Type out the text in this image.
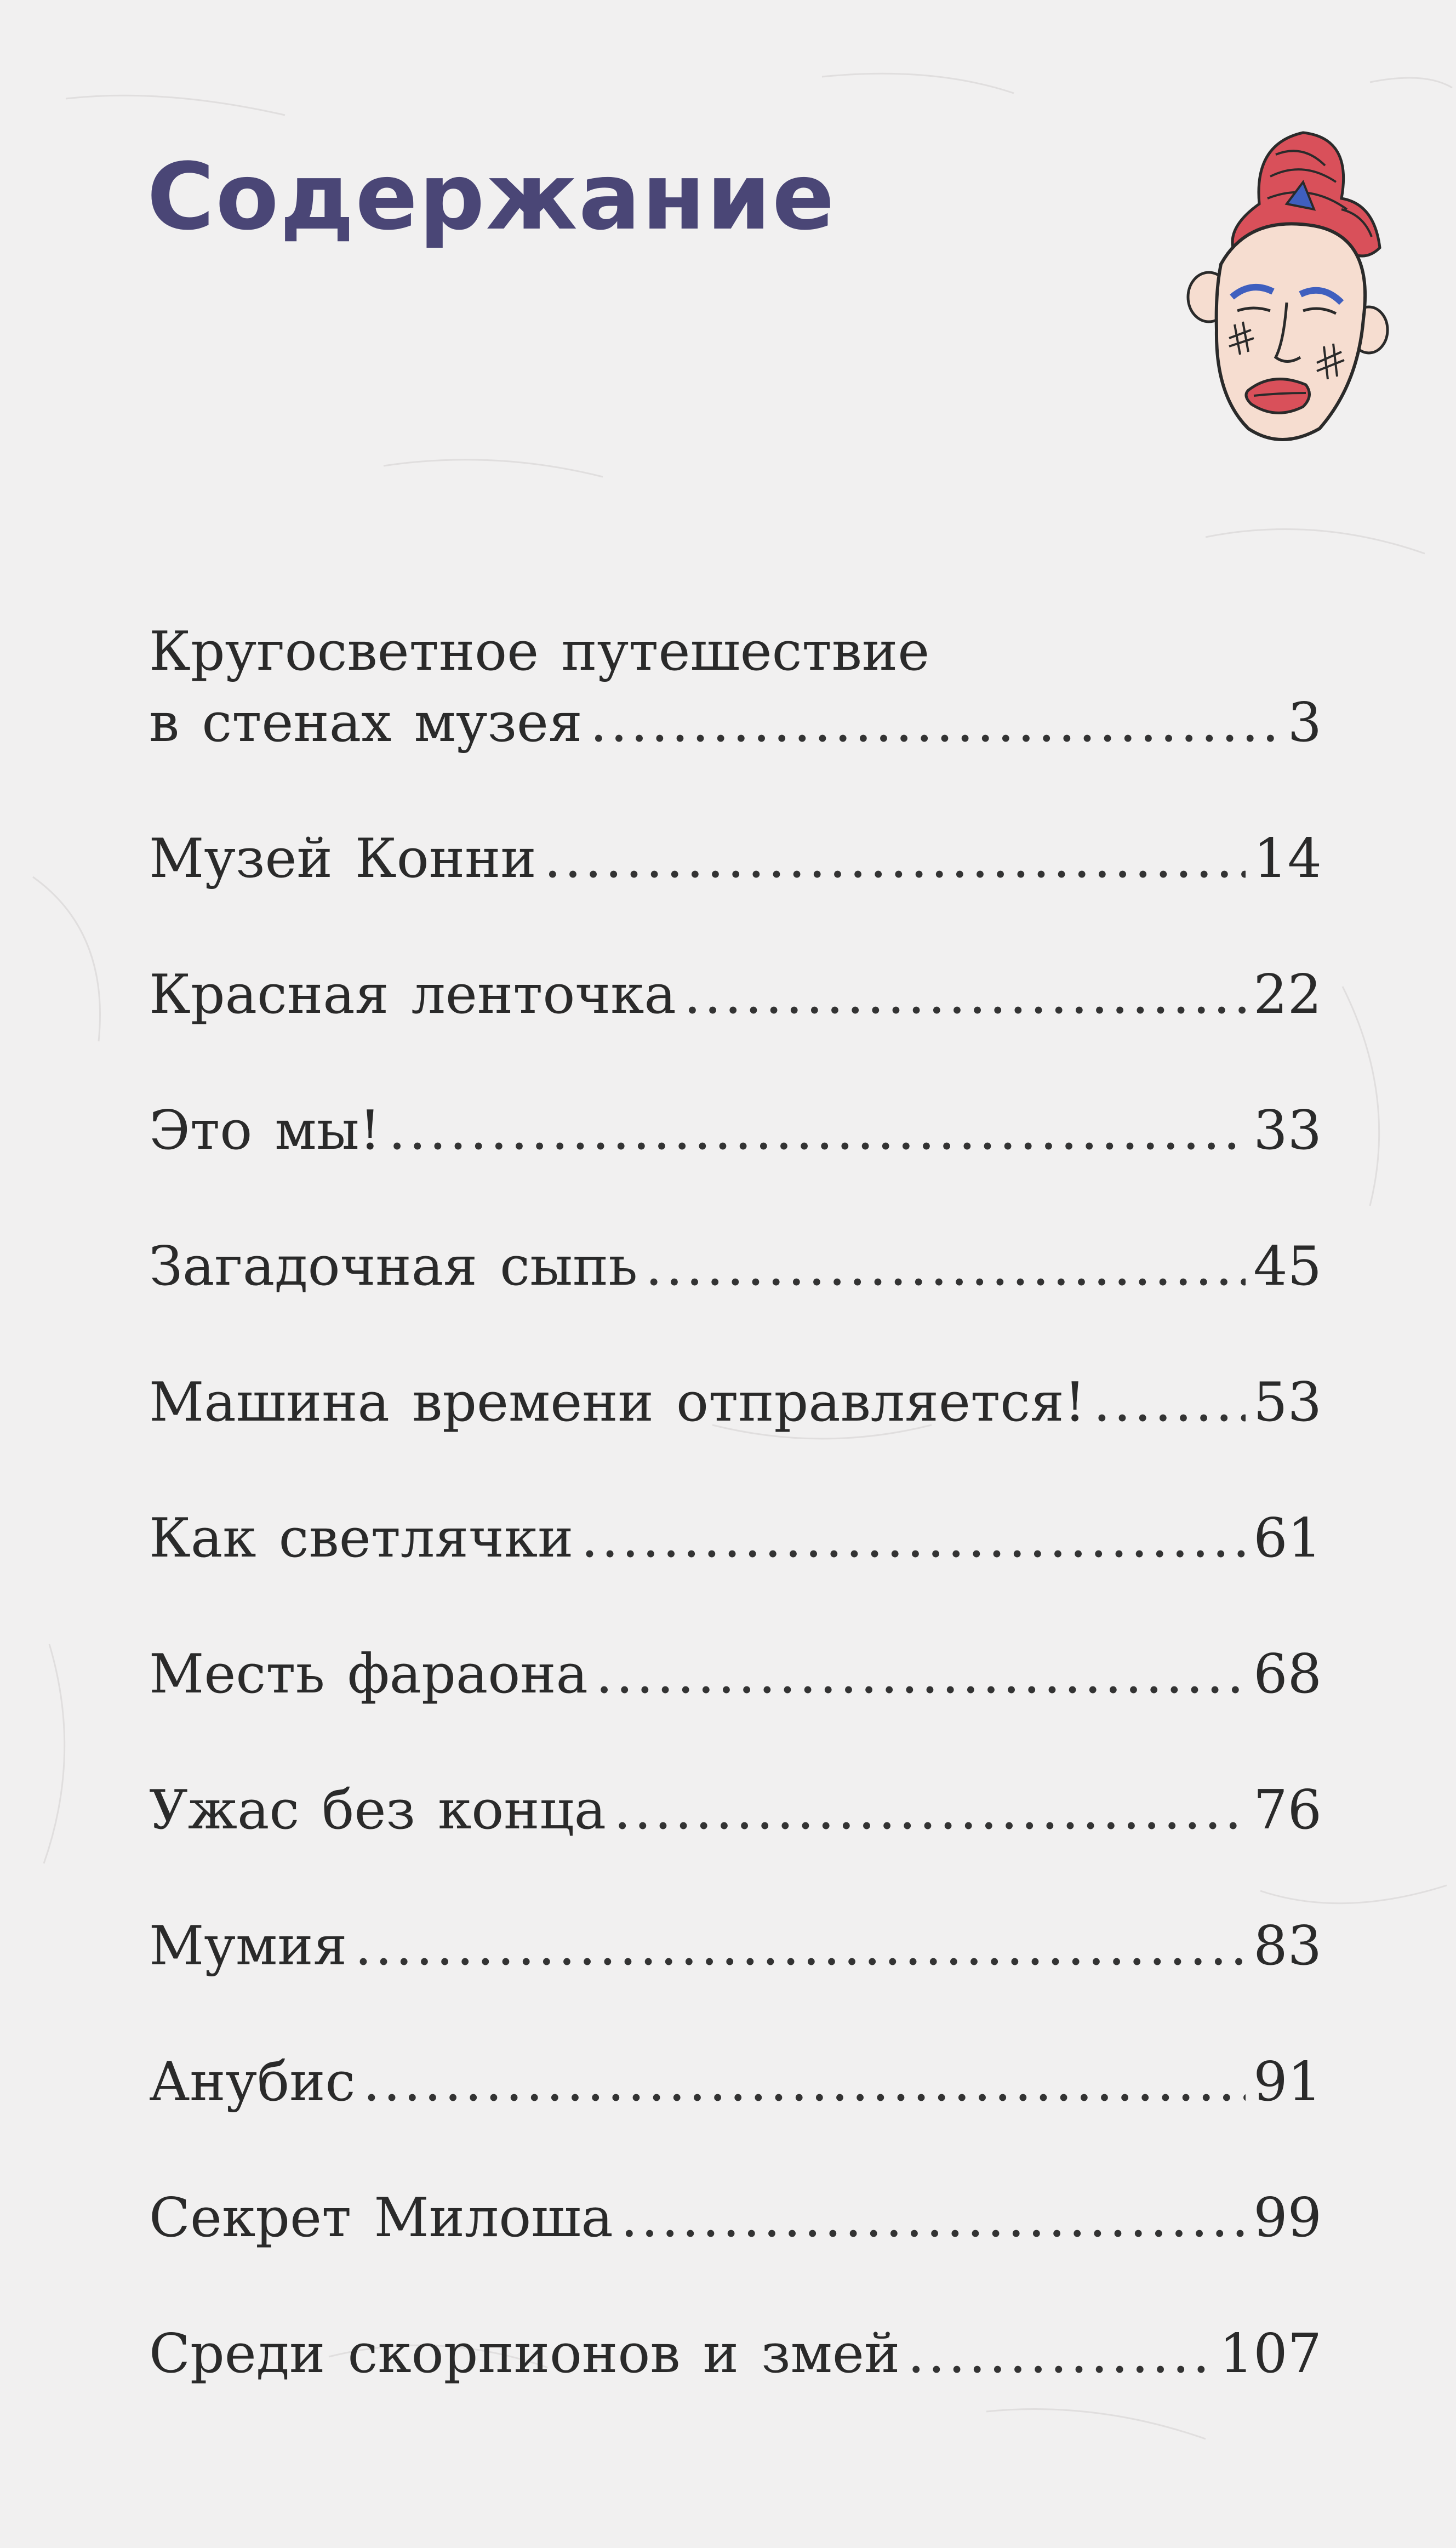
Содержание
Кругосветное путешествие
в стенах музея .....	3
Музей Конни .....	14
Красная ленточка .....	22
Это мы! .....	33
Загадочная сыпь .....	45
Машина времени отправляется! .....	53
Как светлячки .....	61
Месть фараона .....	68
Ужас без конца .....	76
Мумия .....	83
Анубис .....	91
Секрет Милоша .....	99
Среди скорпионов и змей .....	107
